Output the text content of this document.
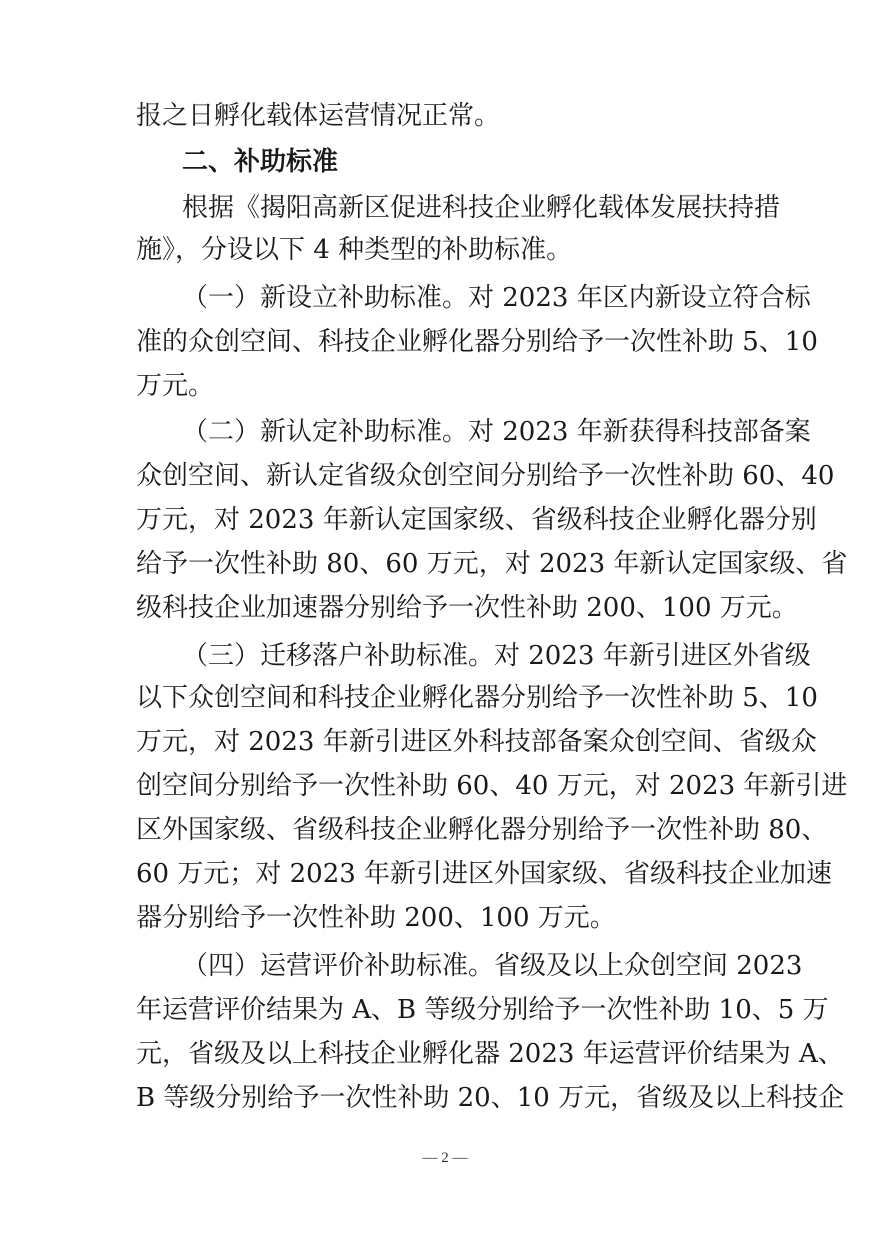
报之日孵化载体运营情况正常。
二、补助标准
根据《揭阳高新区促进科技企业孵化载体发展扶持措
施》，分设以下 4 种类型的补助标准。
（一）新设立补助标准。对 2023 年区内新设立符合标
准的众创空间、科技企业孵化器分别给予一次性补助 5、10
万元。
（二）新认定补助标准。对 2023 年新获得科技部备案
众创空间、新认定省级众创空间分别给予一次性补助 60、40
万元，对 2023 年新认定国家级、省级科技企业孵化器分别
给予一次性补助 80、60 万元，对 2023 年新认定国家级、省
级科技企业加速器分别给予一次性补助 200、100 万元。
（三）迁移落户补助标准。对 2023 年新引进区外省级
以下众创空间和科技企业孵化器分别给予一次性补助 5、10
万元，对 2023 年新引进区外科技部备案众创空间、省级众
创空间分别给予一次性补助 60、40 万元，对 2023 年新引进
区外国家级、省级科技企业孵化器分别给予一次性补助 80、
60 万元；对 2023 年新引进区外国家级、省级科技企业加速
器分别给予一次性补助 200、100 万元。
（四）运营评价补助标准。省级及以上众创空间 2023
年运营评价结果为 A、B 等级分别给予一次性补助 10、5 万
元，省级及以上科技企业孵化器 2023 年运营评价结果为 A、
B 等级分别给予一次性补助 20、10 万元，省级及以上科技企
— 2 —
